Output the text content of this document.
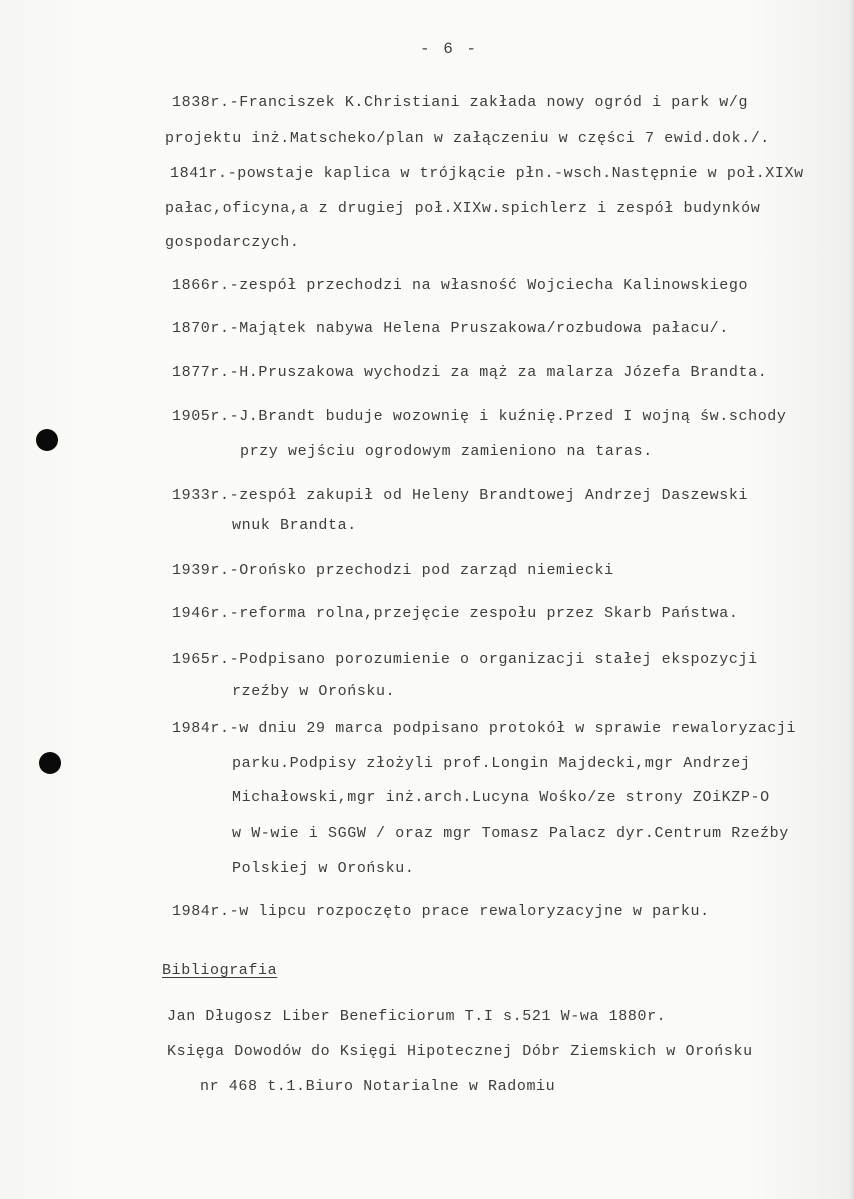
- 6 -
1838r.-Franciszek K.Christiani zakłada nowy ogród i park w/g
projektu inż.Matscheko/plan w załączeniu w części 7 ewid.dok./.
1841r.-powstaje kaplica w trójkącie płn.-wsch.Następnie w poł.XIXw
pałac,oficyna,a z drugiej poł.XIXw.spichlerz i zespół budynków
gospodarczych.
1866r.-zespół przechodzi na własność Wojciecha Kalinowskiego
1870r.-Majątek nabywa Helena Pruszakowa/rozbudowa pałacu/.
1877r.-H.Pruszakowa wychodzi za mąż za malarza Józefa Brandta.
1905r.-J.Brandt buduje wozownię i kuźnię.Przed I wojną św.schody
przy wejściu ogrodowym zamieniono na taras.
1933r.-zespół zakupił od Heleny Brandtowej Andrzej Daszewski
wnuk Brandta.
1939r.-Orońsko przechodzi pod zarząd niemiecki
1946r.-reforma rolna,przejęcie zespołu przez Skarb Państwa.
1965r.-Podpisano porozumienie o organizacji stałej ekspozycji
rzeźby w Orońsku.
1984r.-w dniu 29 marca podpisano protokół w sprawie rewaloryzacji
parku.Podpisy złożyli prof.Longin Majdecki,mgr Andrzej
Michałowski,mgr inż.arch.Lucyna Wośko/ze strony ZOiKZP-O
w W-wie i SGGW / oraz mgr Tomasz Palacz dyr.Centrum Rzeźby
Polskiej w Orońsku.
1984r.-w lipcu rozpoczęto prace rewaloryzacyjne w parku.
Bibliografia
Jan Długosz Liber Beneficiorum T.I s.521 W-wa 1880r.
Księga Dowodów do Księgi Hipotecznej Dóbr Ziemskich w Orońsku
nr 468 t.1.Biuro Notarialne w Radomiu
